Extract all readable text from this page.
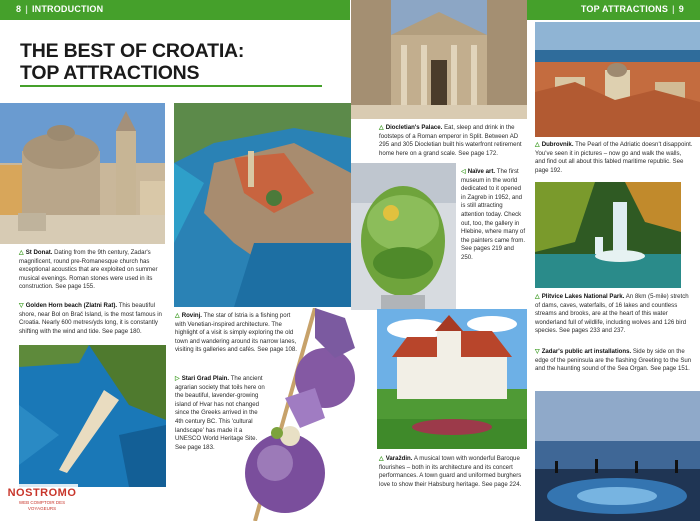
8 | INTRODUCTION	TOP ATTRACTIONS | 9
THE BEST OF CROATIA:
TOP ATTRACTIONS
△ St Donat. Dating from the 9th century, Zadar's magnificent, round pre-Romanesque church has exceptional acoustics that are exploited on summer musical evenings. Roman stones were used in its construction. See page 155.
▽ Golden Horn beach (Zlatni Rat). This beautiful shore, near Bol on Brač Island, is the most famous in Croatia. Nearly 600 metres/yds long, it is constantly shifting with the wind and tide. See page 180.
△ Rovinj. The star of Istria is a fishing port with Venetian-inspired architecture. The highlight of a visit is simply exploring the old town and wandering around its narrow lanes, visiting its galleries and cafés. See page 108.
▷ Stari Grad Plain. The ancient agrarian society that toils here on the beautiful, lavender-growing island of Hvar has not changed since the Greeks arrived in the 4th century BC. This 'cultural landscape' has made it a UNESCO World Heritage Site. See page 183.
△ Diocletian's Palace. Eat, sleep and drink in the footsteps of a Roman emperor in Split. Between AD 295 and 305 Diocletian built his waterfront retirement home here on a grand scale. See page 172.
◁ Naïve art. The first museum in the world dedicated to it opened in Zagreb in 1952, and is still attracting attention today. Check out, too, the gallery in Hlebine, where many of the painters came from. See pages 219 and 250.
△ Varaždin. A musical town with wonderful Baroque flourishes – both in its architecture and its concert performances. A town guard and uniformed burghers love to show their Habsburg heritage. See page 224.
△ Dubrovnik. The Pearl of the Adriatic doesn't disappoint. You've seen it in pictures – now go and walk the walls, and find out all about this fabled maritime republic. See page 192.
△ Plitvice Lakes National Park. An 8km (5-mile) stretch of dams, caves, waterfalls, of 16 lakes and countless streams and brooks, are at the heart of this water wonderland full of wildlife, including wolves and 126 bird species. See pages 233 and 237.
▽ Zadar's public art installations. Side by side on the edge of the peninsula are the flashing Greeting to the Sun and the haunting sound of the Sea Organ. See page 151.
NOSTROMO
WEB COMPTOIR DES VOYAGEURS
